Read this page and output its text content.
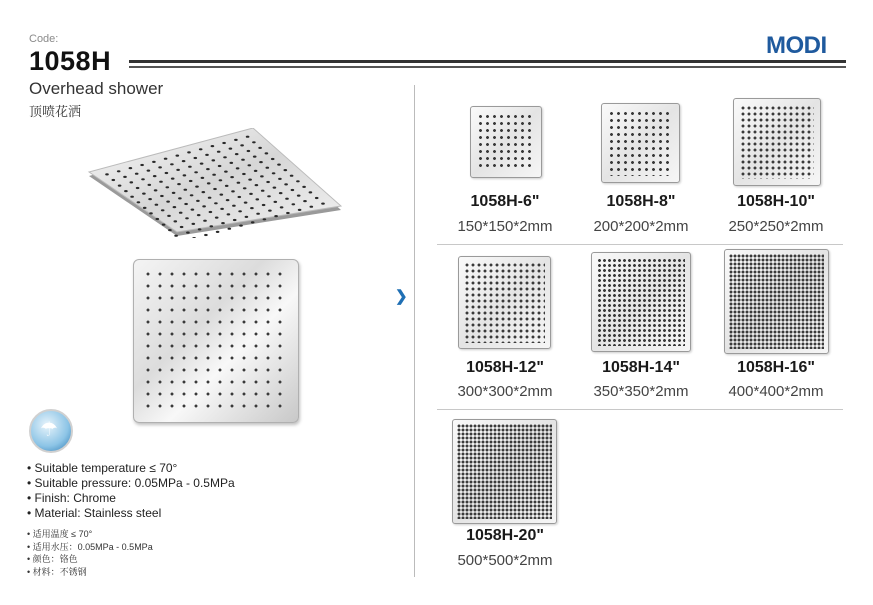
Code:
1058H
MODI
Overhead shower
顶喷花洒
❯
☂
• Suitable temperature ≤ 70°
• Suitable pressure: 0.05MPa - 0.5MPa
• Finish: Chrome
• Material: Stainless steel
• 适用温度 ≤ 70°
• 适用水压：0.05MPa - 0.5MPa
• 颜色：铬色
• 材料：不锈钢
1058H-6"
150*150*2mm
1058H-8"
200*200*2mm
1058H-10"
250*250*2mm
1058H-12"
300*300*2mm
1058H-14"
350*350*2mm
1058H-16"
400*400*2mm
1058H-20"
500*500*2mm
